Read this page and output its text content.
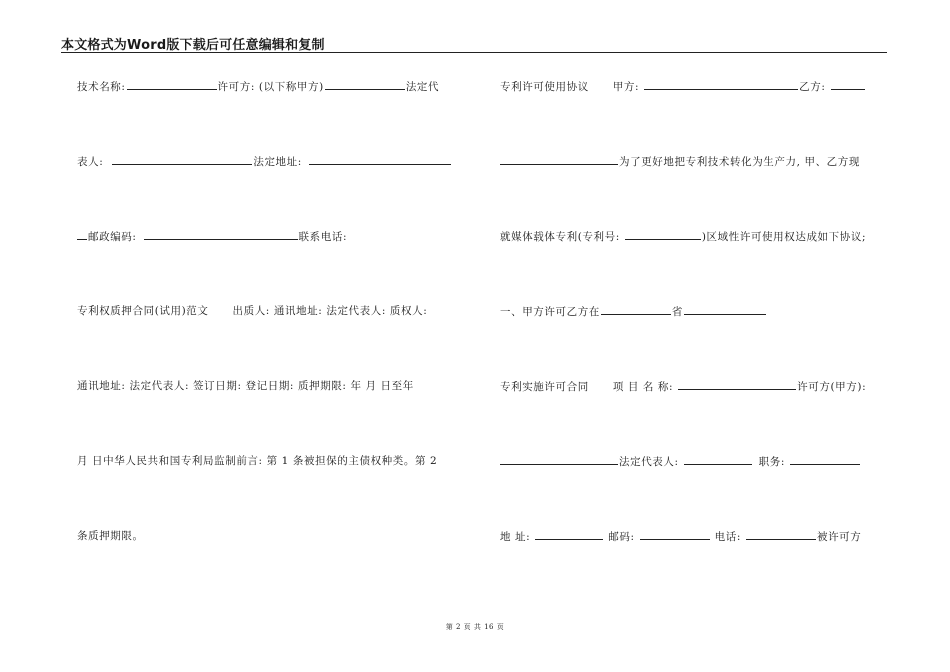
本文格式为Word版下载后可任意编辑和复制
技术名称:	许可方: (以下称甲方)	法定代
表人:	法定地址:
邮政编码:	联系电话:
专利权质押合同(试用)范文 出质人: 通讯地址: 法定代表人: 质权人:
通讯地址: 法定代表人: 签订日期: 登记日期: 质押期限: 年 月 日至年
月 日中华人民共和国专利局监制前言: 第 1 条被担保的主债权种类。第 2
条质押期限。
专利许可使用协议 甲方:	乙方:
为了更好地把专利技术转化为生产力, 甲、乙方现
就媒体载体专利(专利号:	)区域性许可使用权达成如下协议;
一、甲方许可乙方在	省
专利实施许可合同 项 目 名 称:	许可方(甲方):
法定代表人:	职务:
地 址:	邮码:	电话:	被许可方
第 2 页 共 16 页
